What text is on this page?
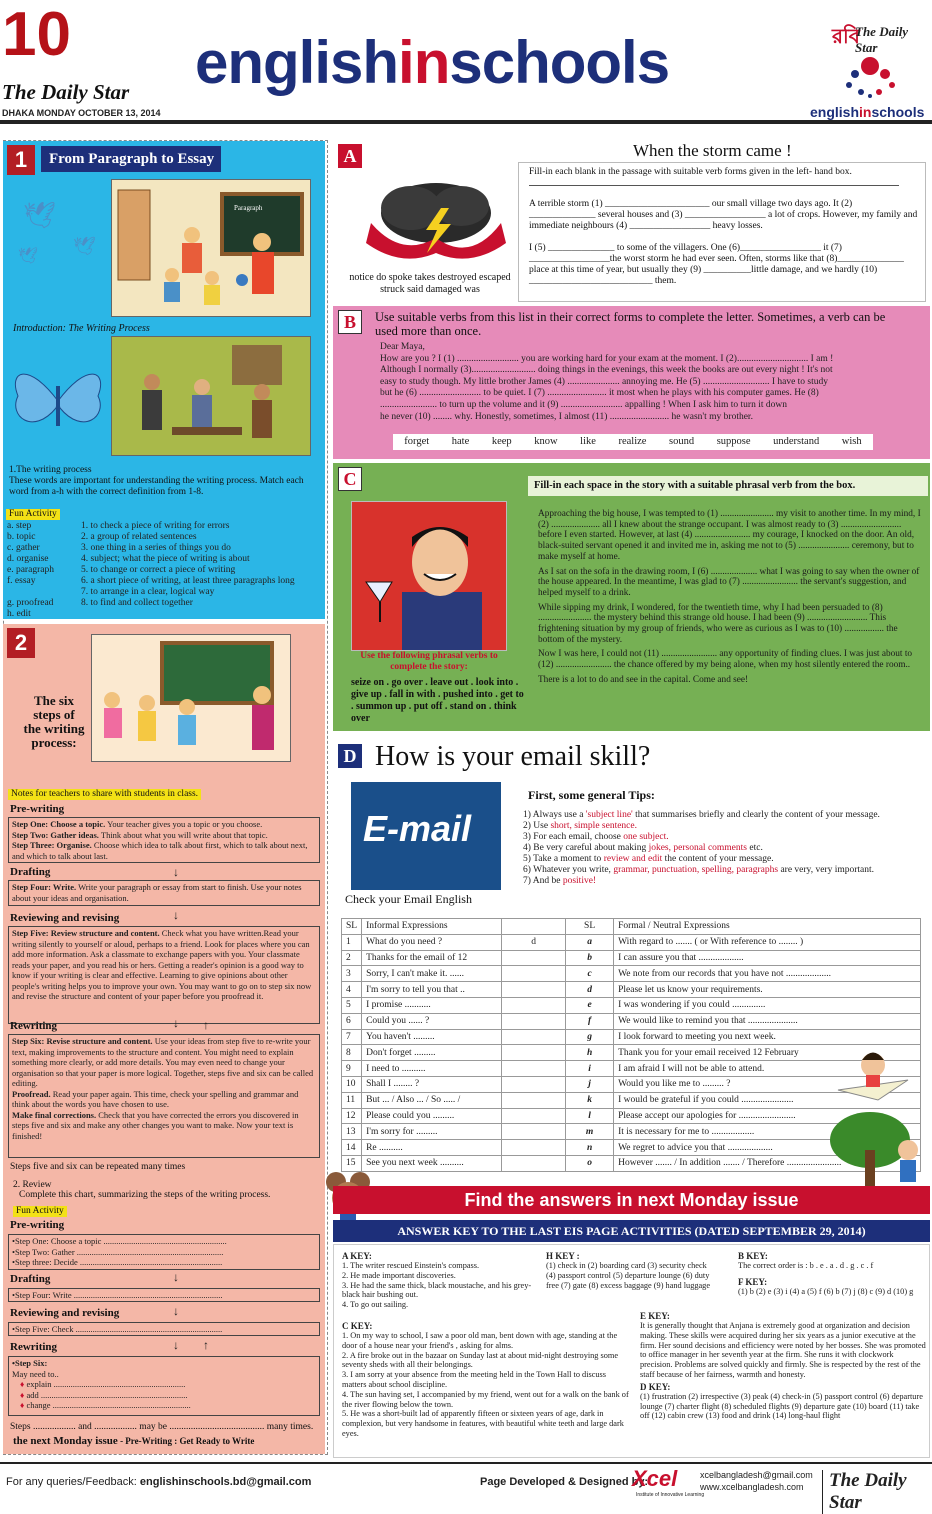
10
The Daily Star
DHAKA MONDAY OCTOBER 13, 2014
englishinschools	রবি
The Daily Star
englishinschools
1	From Paragraph to Essay
🕊
🕊
🕊
Paragraph
Introduction: The Writing Process
1.The writing process
These words are important for understanding the writing process. Match each word from a-h with the correct definition from 1-8.
Fun Activity
a. step
b. topic
c. gather
d. organise
e. paragraph
f. essay
g. proofread
h. edit
1. to check a piece of writing for errors
2. a group of related sentences
3. one thing in a series of things you do
4. subject; what the piece of writing is about
5. to change or correct a piece of writing
6. a short piece of writing, at least three paragraphs long
7. to arrange in a clear, logical way
8. to find and collect together
2
The six steps of the writing process:
Notes for teachers to share with students in class.
Pre-writing
Step One: Choose a topic. Your teacher gives you a topic or you choose.
Step Two: Gather ideas. Think about what you will write about that topic.
Step Three: Organise. Choose which idea to talk about first, which to talk about next, and which to talk about last.
Drafting	↓
Step Four: Write. Write your paragraph or essay from start to finish. Use your notes about your ideas and organisation.
Reviewing and revising	↓
Step Five: Review structure and content. Check what you have written.Read your writing silently to yourself or aloud, perhaps to a friend. Look for places where you can add more information. Ask a classmate to exchange papers with you. Your classmate reads your paper, and you read his or hers. Getting a reader's opinion is a good way to know if your writing is clear and effective. Learning to give opinions about other people's writing helps you to improve your own. You may want to go on to step six now and revise the structure and content of your paper before you proofread it.
Rewriting	↓ ↑
Step Six: Revise structure and content. Use your ideas from step five to re-write your text, making improvements to the structure and content. You might need to explain something more clearly, or add more details. You may even need to change your organisation so that your paper is more logical. Together, steps five and six can be called editing.
Proofread. Read your paper again. This time, check your spelling and grammar and think about the words you have chosen to use.
Make final corrections. Check that you have corrected the errors you discovered in steps five and six and make any other changes you want to make. Now your text is finished!
Steps five and six can be repeated many times
2. Review
Complete this chart, summarizing the steps of the writing process.
Fun Activity
Pre-writing
•Step One: Choose a topic ..........................................................
•Step Two: Gather .....................................................................
•Step three: Decide ...................................................................
Drafting	↓
•Step Four: Write ......................................................................
Reviewing and revising	↓
•Step Five: Check .....................................................................
Rewriting	↓ ↑
•Step Six:
May need to..
♦ explain ..............................................................
♦ add .....................................................................
♦ change .................................................................
Steps .................. and .................. may be ........................................ many times.
the next Monday issue - Pre-Writing : Get Ready to Write
A
notice do spoke takes destroyed escaped struck said damaged was
When the storm came !
Fill-in each blank in the passage with suitable verb forms given in the left- hand box.
A terrible storm (1) ______________________ our small village two days ago. It (2) ______________ several houses and (3) _________________ a lot of crops. However, my family and immediate neighbours (4) _________________ heavy losses.
I (5) ______________ to some of the villagers. One (6)_________________ it (7) _________________the worst storm he had ever seen. Often, storms like that (8)______________ place at this time of year, but usually they (9) __________little damage, and we hardly (10) __________________________ them.
B	Use suitable verbs from this list in their correct forms to complete the letter. Sometimes, a verb can be used more than once.
Dear Maya,
How are you ? I (1) .......................... you are working hard for your exam at the moment. I (2).............................. I am !
Although I normally (3)........................... doing things in the evenings, this week the books are out every night ! It's not
easy to study though. My little brother James (4) ...................... annoying me. He (5) ............................ I have to study
but he (6) .......................... to be quiet. I (7) ......................... it most when he plays with his computer games. He (8)
........................ to turn up the volume and it (9) .......................... appalling ! When I ask him to turn it down
he never (10) ........ why. Honestly, sometimes, I almost (11) ......................... he wasn't my brother.
forget hate keep know like realize sound suppose understand wish
C
Use the following phrasal verbs to complete the story:
seize on . go over . leave out . look into . give up . fall in with . pushed into . get to . summon up . put off . stand on . think over
Fill-in each space in the story with a suitable phrasal verb from the box.
Approaching the big house, I was tempted to (1) ....................... my visit to another time. In my mind, I (2) ..................... all I knew about the strange occupant. I was almost ready to (3) .......................... before I even started. However, at last (4) ........................ my courage, I knocked on the door. An old, black-suited servant opened it and invited me in, asking me not to (5) ...................... ceremony, but to make myself at home.
As I sat on the sofa in the drawing room, I (6) .................... what I was going to say when the owner of the house appeared. In the meantime, I was glad to (7) ........................ the servant's suggestion, and helped myself to a drink.
While sipping my drink, I wondered, for the twentieth time, why I had been persuaded to (8) ....................... the mystery behind this strange old house. I had been (9) .......................... This frightening situation by my group of friends, who were as curious as I was to (10) ................. the bottom of the mystery.
Now I was here, I could not (11) ........................ any opportunity of finding clues. I was just about to (12) ........................ the chance offered by my being alone, when my host silently entered the room..
There is a lot to do and see in the capital. Come and see!
D How is your email skill?
E-mail
Check your Email English
First, some general Tips:
1) Always use a 'subject line' that summarises briefly and clearly the content of your message.
2) Use short, simple sentence.
3) For each email, choose one subject.
4) Be very careful about making jokes, personal comments etc.
5) Take a moment to review and edit the content of your message.
6) Whatever you write, grammar, punctuation, spelling, paragraphs are very, very important.
7) And be positive!
SL	Informal Expressions		SL	Formal / Neutral Expressions
1	What do you need ?	d	a	With regard to ....... ( or With reference to ........ )
2	Thanks for the email of 12		b	I can assure you that ...................
3	Sorry, I can't make it. ......		c	We note from our records that you have not ...................
4	I'm sorry to tell you that ..		d	Please let us know your requirements.
5	I promise ...........		e	I was wondering if you could ..............
6	Could you ...... ?		f	We would like to remind you that .....................
7	You haven't .........		g	I look forward to meeting you next week.
8	Don't forget .........		h	Thank you for your email received 12 February
9	I need to ..........		i	I am afraid I will not be able to attend.
10	Shall I ........ ?		j	Would you like me to ......... ?
11	But ... / Also ... / So ..... /		k	I would be grateful if you could ......................
12	Please could you .........		l	Please accept our apologies for ........................
13	I'm sorry for .........		m	It is necessary for me to ..................
14	Re ..........		n	We regret to advice you that ...................
15	See you next week ..........		o	However ....... / In addition ....... / Therefore .......................
Find the answers in next Monday issue
ANSWER KEY TO THE LAST EIS PAGE ACTIVITIES (DATED SEPTEMBER 29, 2014)
A KEY:
1. The writer rescued Einstein's compass.
2. He made important discoveries.
3. He had the same thick, black moustache, and his grey-black hair bushing out.
4. To go out sailing.
H KEY :
(1) check in (2) boarding card (3) security check (4) passport control (5) departure lounge (6) duty free (7) gate (8) excess baggage (9) hand luggage
B KEY:
The correct order is : b . e . a . d . g . c . f
F KEY:
(1) b (2) e (3) i (4) a (5) f (6) b (7) j (8) c (9) d (10) g
C KEY:
1. On my way to school, I saw a poor old man, bent down with age, standing at the door of a house near your friend's , asking for alms.
2. A fire broke out in the bazaar on Sunday last at about mid-night destroying some seventy sheds with all their belongings.
3. I am sorry at your absence from the meeting held in the Town Hall to discuss matters about school discipline.
4. The sun having set, I accompanied by my friend, went out for a walk on the bank of the river flowing below the town.
5. He was a short-built lad of apparently fifteen or sixteen years of age, dark in complexion, but very handsome in features, with beautiful white teeth and large dark eyes.
E KEY:
It is generally thought that Anjana is extremely good at organization and decision making. These skills were acquired during her six years as a junior executive at the firm. Her sound decisions and efficiency were noted by her bosses. She was promoted to office manager in her seventh year at the firm. She runs it with clockwork precision. Problems are solved quickly and firmly. She is respected by the rest of the staff because of her fairness, warmth and honesty.
D KEY:
(1) frustration (2) irrespective (3) peak (4) check-in (5) passport control (6) departure lounge (7) charter flight (8) scheduled flights (9) departure gate (10) board (11) take off (12) cabin crew (13) food and drink (14) long-haul flight
For any queries/Feedback: englishinschools.bd@gmail.com	Page Developed & Designed by:
Xcel
Institute of Innovative Learning
xcelbangladesh@gmail.com
www.xcelbangladesh.com	The Daily Star
